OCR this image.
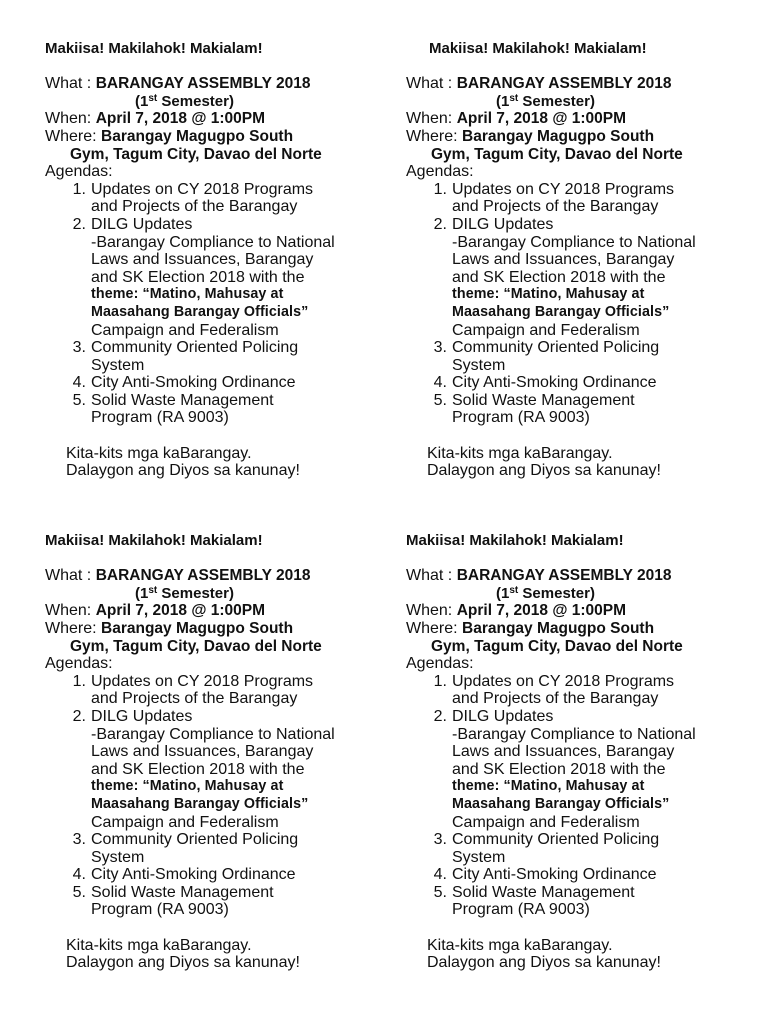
Makiisa! Makilahok! Makialam!

What : BARANGAY ASSEMBLY 2018

(1st Semester)

When: April 7, 2018 @ 1:00PM

Where: Barangay Magugpo South

Gym, Tagum City, Davao del Norte

Agendas:

1. Updates on CY 2018 Programs
and Projects of the Barangay
2. DILG Updates
-Barangay Compliance to National
Laws and Issuances, Barangay
and SK Election 2018 with the
theme: “Matino, Mahusay at
Maasahang Barangay Officials”
Campaign and Federalism
3. Community Oriented Policing
System
4. City Anti-Smoking Ordinance
5. Solid Waste Management
Program (RA 9003)

Kita-kits mga kaBarangay.

Dalaygon ang Diyos sa kanunay!

Makiisa! Makilahok! Makialam!

What : BARANGAY ASSEMBLY 2018

(1st Semester)

When: April 7, 2018 @ 1:00PM

Where: Barangay Magugpo South

Gym, Tagum City, Davao del Norte

Agendas:

1. Updates on CY 2018 Programs
and Projects of the Barangay
2. DILG Updates
-Barangay Compliance to National
Laws and Issuances, Barangay
and SK Election 2018 with the
theme: “Matino, Mahusay at
Maasahang Barangay Officials”
Campaign and Federalism
3. Community Oriented Policing
System
4. City Anti-Smoking Ordinance
5. Solid Waste Management
Program (RA 9003)

Kita-kits mga kaBarangay.

Dalaygon ang Diyos sa kanunay!

Makiisa! Makilahok! Makialam!

What : BARANGAY ASSEMBLY 2018

(1st Semester)

When: April 7, 2018 @ 1:00PM

Where: Barangay Magugpo South

Gym, Tagum City, Davao del Norte

Agendas:

1. Updates on CY 2018 Programs
and Projects of the Barangay
2. DILG Updates
-Barangay Compliance to National
Laws and Issuances, Barangay
and SK Election 2018 with the
theme: “Matino, Mahusay at
Maasahang Barangay Officials”
Campaign and Federalism
3. Community Oriented Policing
System
4. City Anti-Smoking Ordinance
5. Solid Waste Management
Program (RA 9003)

Kita-kits mga kaBarangay.

Dalaygon ang Diyos sa kanunay!

Makiisa! Makilahok! Makialam!

What : BARANGAY ASSEMBLY 2018

(1st Semester)

When: April 7, 2018 @ 1:00PM

Where: Barangay Magugpo South

Gym, Tagum City, Davao del Norte

Agendas:

1. Updates on CY 2018 Programs
and Projects of the Barangay
2. DILG Updates
-Barangay Compliance to National
Laws and Issuances, Barangay
and SK Election 2018 with the
theme: “Matino, Mahusay at
Maasahang Barangay Officials”
Campaign and Federalism
3. Community Oriented Policing
System
4. City Anti-Smoking Ordinance
5. Solid Waste Management
Program (RA 9003)

Kita-kits mga kaBarangay.

Dalaygon ang Diyos sa kanunay!
